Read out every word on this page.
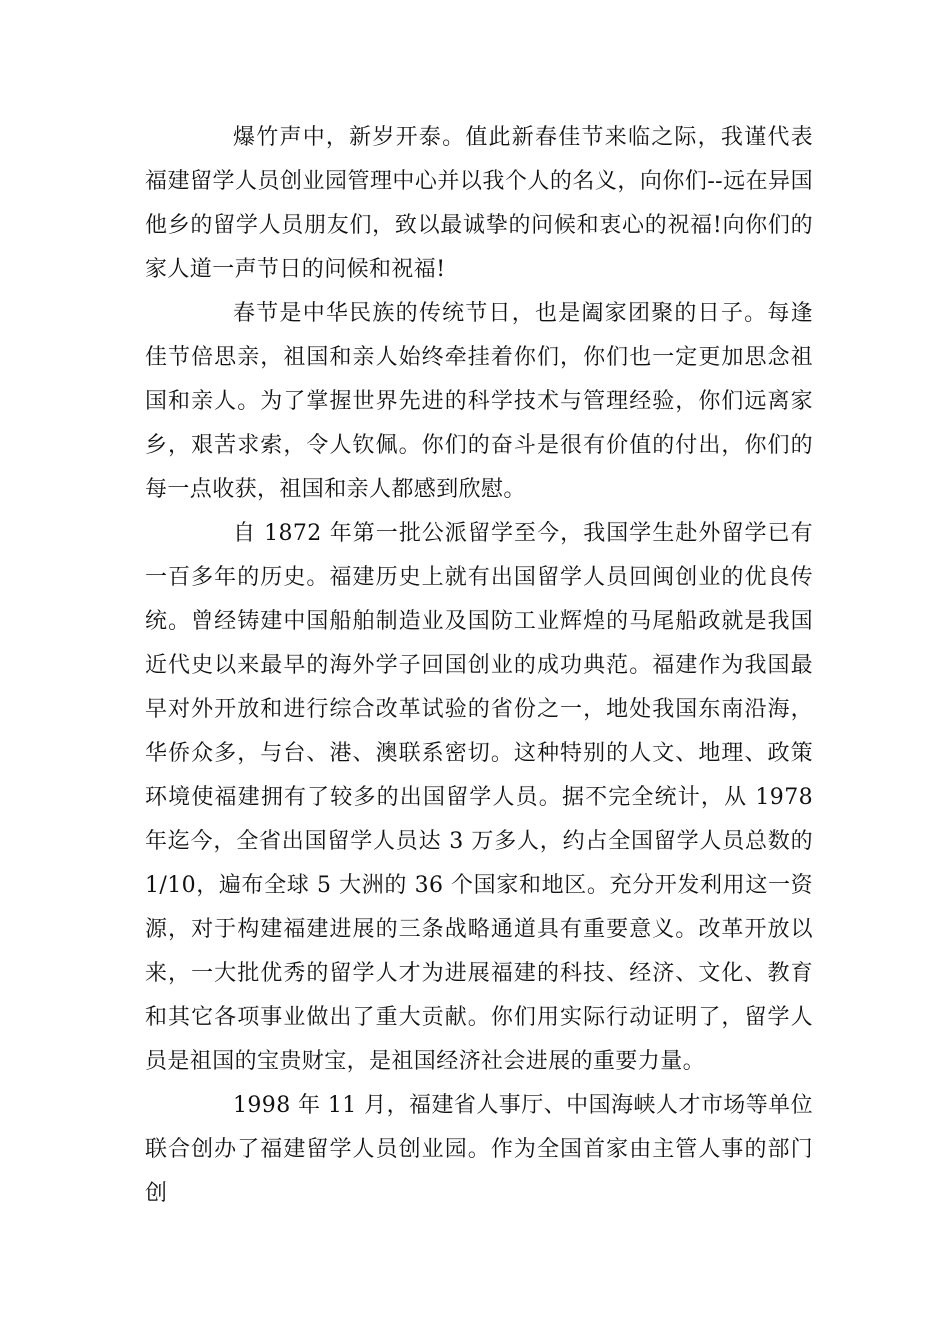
爆竹声中，新岁开泰。值此新春佳节来临之际，我谨代表福建留学人员创业园管理中心并以我个人的名义，向你们--远在异国他乡的留学人员朋友们，致以最诚挚的问候和衷心的祝福!向你们的家人道一声节日的问候和祝福!

春节是中华民族的传统节日，也是阖家团聚的日子。每逢佳节倍思亲，祖国和亲人始终牵挂着你们，你们也一定更加思念祖国和亲人。为了掌握世界先进的科学技术与管理经验，你们远离家乡，艰苦求索，令人钦佩。你们的奋斗是很有价值的付出，你们的每一点收获，祖国和亲人都感到欣慰。

自 1872 年第一批公派留学至今，我国学生赴外留学已有一百多年的历史。福建历史上就有出国留学人员回闽创业的优良传统。曾经铸建中国船舶制造业及国防工业辉煌的马尾船政就是我国近代史以来最早的海外学子回国创业的成功典范。福建作为我国最早对外开放和进行综合改革试验的省份之一，地处我国东南沿海，华侨众多，与台、港、澳联系密切。这种特别的人文、地理、政策环境使福建拥有了较多的出国留学人员。据不完全统计，从 1978 年迄今，全省出国留学人员达 3 万多人，约占全国留学人员总数的 1/10，遍布全球 5 大洲的 36 个国家和地区。充分开发利用这一资源，对于构建福建进展的三条战略通道具有重要意义。改革开放以来，一大批优秀的留学人才为进展福建的科技、经济、文化、教育和其它各项事业做出了重大贡献。你们用实际行动证明了，留学人员是祖国的宝贵财宝，是祖国经济社会进展的重要力量。

1998 年 11 月，福建省人事厅、中国海峡人才市场等单位联合创办了福建留学人员创业园。作为全国首家由主管人事的部门创
